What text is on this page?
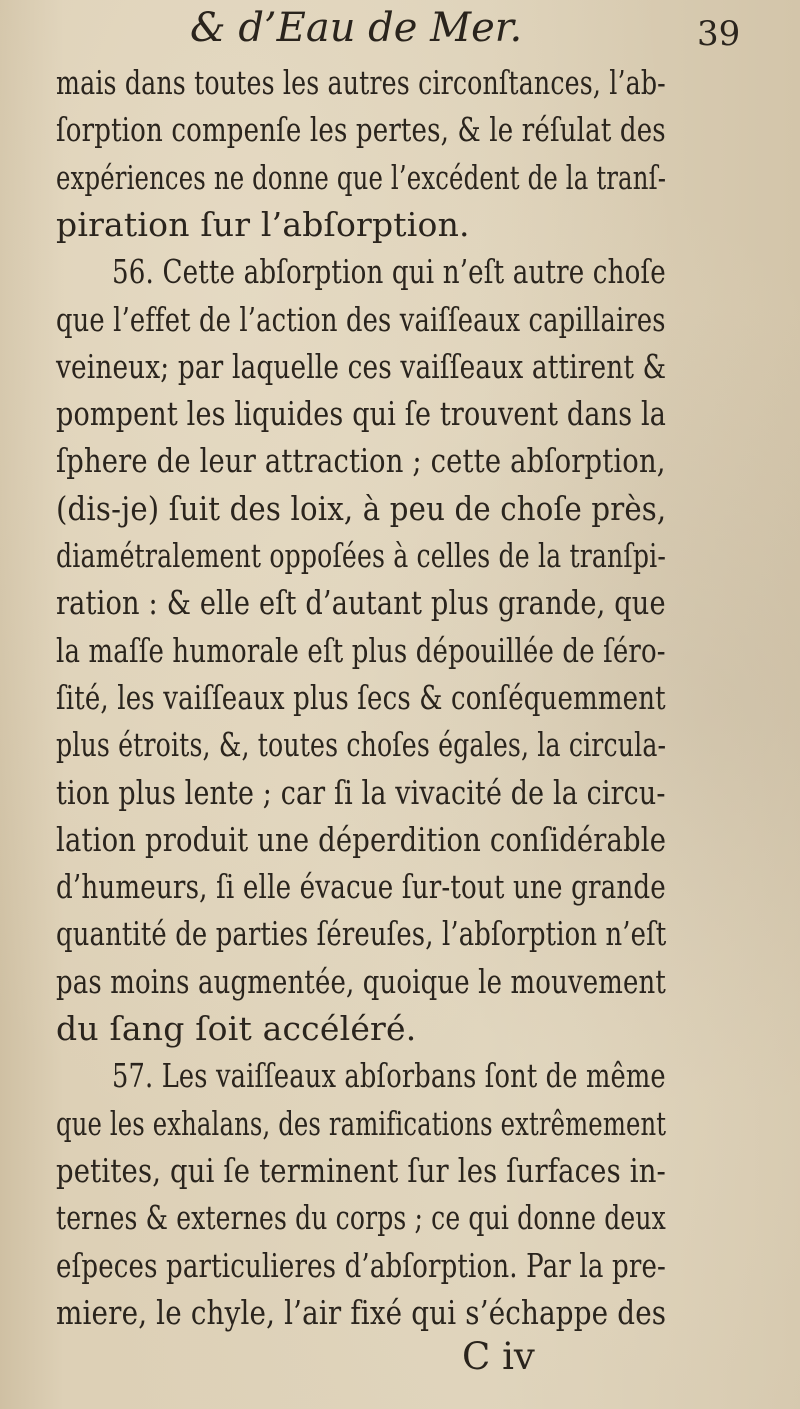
& d’Eau de Mer.	39
mais dans toutes les autres circonſtances, l’ab-
ſorption compenſe les pertes, & le réſulat des
expériences ne donne que l’excédent de la tranſ-
piration ſur l’abſorption.
56. Cette abſorption qui n’eſt autre choſe
que l’effet de l’action des vaiſſeaux capillaires
veineux; par laquelle ces vaiſſeaux attirent &
pompent les liquides qui ſe trouvent dans la
ſphere de leur attraction ; cette abſorption,
(dis-je) ſuit des loix, à peu de choſe près,
diamétralement oppoſées à celles de la tranſpi-
ration : & elle eſt d’autant plus grande, que
la maſſe humorale eſt plus dépouillée de ſéro-
ſité, les vaiſſeaux plus ſecs & conſéquemment
plus étroits, &, toutes choſes égales, la circula-
tion plus lente ; car ſi la vivacité de la circu-
lation produit une déperdition conſidérable
d’humeurs, ſi elle évacue ſur-tout une grande
quantité de parties ſéreuſes, l’abſorption n’eſt
pas moins augmentée, quoique le mouvement
du ſang ſoit accéléré.
57. Les vaiſſeaux abſorbans ſont de même
que les exhalans, des ramifications extrêmement
petites, qui ſe terminent ſur les ſurfaces in-
ternes & externes du corps ; ce qui donne deux
eſpeces particulieres d’abſorption. Par la pre-
miere, le chyle, l’air fixé qui s’échappe des
C iv
